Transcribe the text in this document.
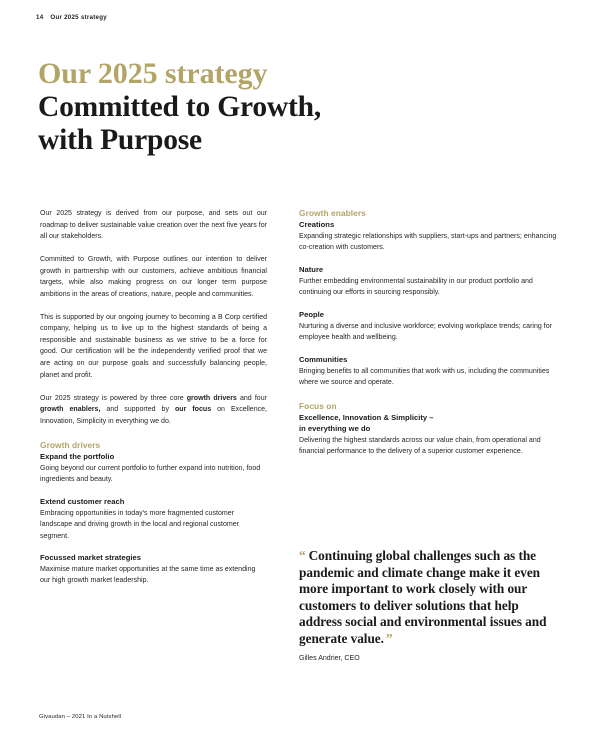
14 Our 2025 strategy
Our 2025 strategy
Committed to Growth,
with Purpose

Our 2025 strategy is derived from our purpose, and sets out our roadmap to deliver sustainable value creation over the next five years for all our stakeholders.

Committed to Growth, with Purpose outlines our intention to deliver growth in partnership with our customers, achieve ambitious financial targets, while also making progress on our longer term purpose ambitions in the areas of creations, nature, people and communities.

This is supported by our ongoing journey to becoming a B Corp certified company, helping us to live up to the highest standards of being a responsible and sustainable business as we strive to be a force for good. Our certification will be the independently verified proof that we are acting on our purpose goals and successfully balancing people, planet and profit.

Our 2025 strategy is powered by three core growth drivers and four growth enablers, and supported by our focus on Excellence, Innovation, Simplicity in everything we do.

Growth drivers
Expand the portfolio

Going beyond our current portfolio to further expand into nutrition, food ingredients and beauty.

Extend customer reach

Embracing opportunities in today's more fragmented customer landscape and driving growth in the local and regional customer segment.

Focussed market strategies

Maximise mature market opportunities at the same time as extending our high growth market leadership.

Growth enablers
Creations

Expanding strategic relationships with suppliers, start-ups and partners; enhancing co-creation with customers.

Nature

Further embedding environmental sustainability in our product portfolio and continuing our efforts in sourcing responsibly.

People

Nurturing a diverse and inclusive workforce; evolving workplace trends; caring for employee health and wellbeing.

Communities

Bringing benefits to all communities that work with us, including the communities where we source and operate.

Focus on
Excellence, Innovation & Simplicity –
in everything we do

Delivering the highest standards across our value chain, from operational and financial performance to the delivery of a superior customer experience.

“ Continuing global challenges such as the pandemic and climate change make it even more important to work closely with our customers to deliver solutions that help address social and environmental issues and generate value. ”

Gilles Andrier, CEO

Givaudan – 2021 In a Nutshell
